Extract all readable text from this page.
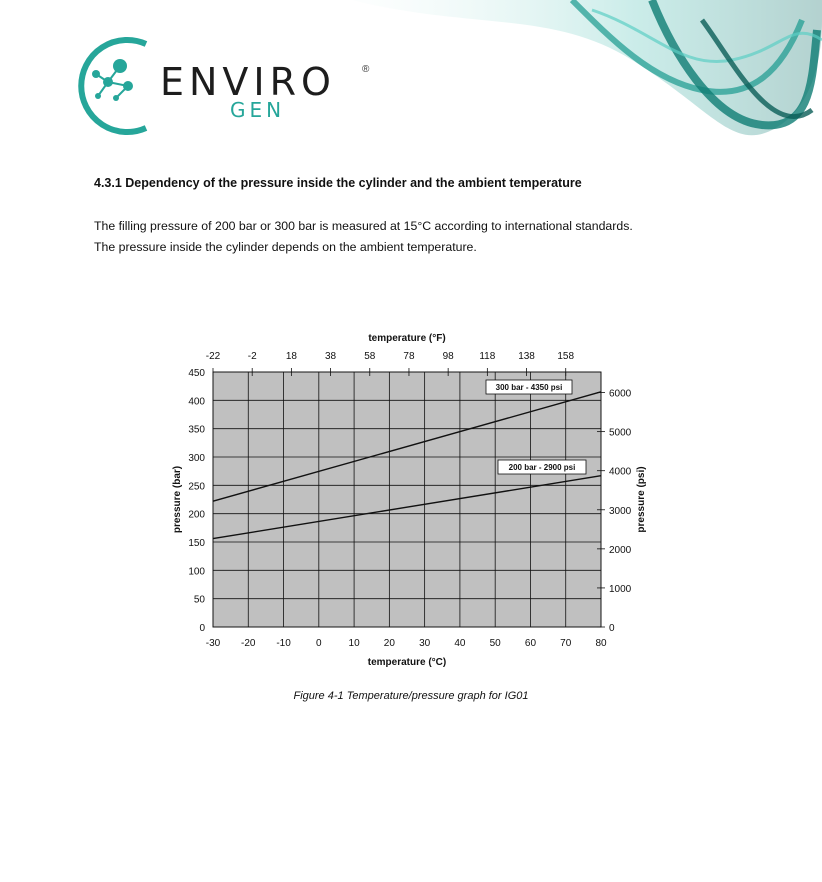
ENVIRO	®
GEN
4.3.1 Dependency of the pressure inside the cylinder and the ambient temperature
The filling pressure of 200 bar or 300 bar is measured at 15°C according to international standards.
The pressure inside the cylinder depends on the ambient temperature.
-30 -20 -10	0	10 20 30 40 50 60 70 80
0
50
100
150
200
250
300
350
400
450
0
1000
2000
3000
4000
5000
6000
-22	-2	18	38	58	78	98	118 138 158
temperature (°F)
temperature (°C)
pressure (bar)	pressure (psi)
300 bar - 4350 psi
200 bar - 2900 psi
Figure 4-1 Temperature/pressure graph for IG01
